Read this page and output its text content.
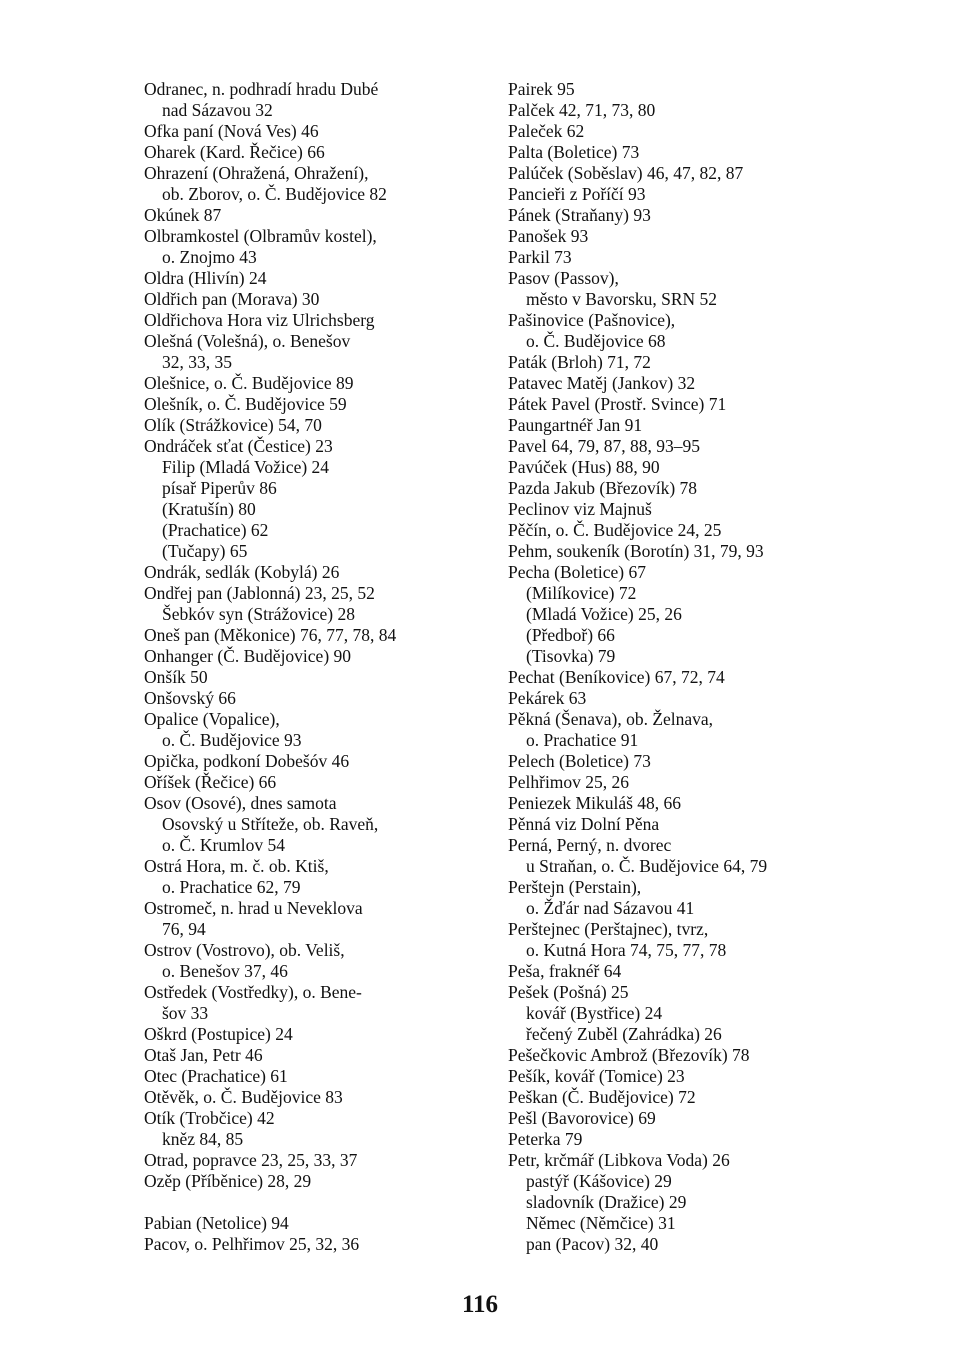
Odranec, n. podhradí hradu Dubé
nad Sázavou 32
Ofka paní (Nová Ves) 46
Oharek (Kard. Řečice) 66
Ohrazení (Ohražená, Ohražení),
ob. Zborov, o. Č. Budějovice 82
Okúnek 87
Olbramkostel (Olbramův kostel),
o. Znojmo 43
Oldra (Hlivín) 24
Oldřich pan (Morava) 30
Oldřichova Hora viz Ulrichsberg
Olešná (Volešná), o. Benešov
32, 33, 35
Olešnice, o. Č. Budějovice 89
Olešník, o. Č. Budějovice 59
Olík (Strážkovice) 54, 70
Ondráček sťat (Čestice) 23
Filip (Mladá Vožice) 24
písař Piperův 86
(Kratušín) 80
(Prachatice) 62
(Tučapy) 65
Ondrák, sedlák (Kobylá) 26
Ondřej pan (Jablonná) 23, 25, 52
Šebkóv syn (Strážovice) 28
Oneš pan (Měkonice) 76, 77, 78, 84
Onhanger (Č. Budějovice) 90
Onšík 50
Onšovský 66
Opalice (Vopalice),
o. Č. Budějovice 93
Opička, podkoní Dobešóv 46
Oříšek (Řečice) 66
Osov (Osové), dnes samota
Osovský u Stříteže, ob. Raveň,
o. Č. Krumlov 54
Ostrá Hora, m. č. ob. Ktiš,
o. Prachatice 62, 79
Ostromeč, n. hrad u Neveklova
76, 94
Ostrov (Vostrovo), ob. Veliš,
o. Benešov 37, 46
Ostředek (Vostředky), o. Bene-
šov 33
Oškrd (Postupice) 24
Otaš Jan, Petr 46
Otec (Prachatice) 61
Otěvěk, o. Č. Budějovice 83
Otík (Trobčice) 42
kněz 84, 85
Otrad, popravce 23, 25, 33, 37
Ozěp (Příběnice) 28, 29
Pabian (Netolice) 94
Pacov, o. Pelhřimov 25, 32, 36
Pairek 95
Palček 42, 71, 73, 80
Paleček 62
Palta (Boletice) 73
Palúček (Soběslav) 46, 47, 82, 87
Pancieři z Poříčí 93
Pánek (Straňany) 93
Panošek 93
Parkil 73
Pasov (Passov),
město v Bavorsku, SRN 52
Pašinovice (Pašnovice),
o. Č. Budějovice 68
Paták (Brloh) 71, 72
Patavec Matěj (Jankov) 32
Pátek Pavel (Prostř. Svince) 71
Paungartnéř Jan 91
Pavel 64, 79, 87, 88, 93–95
Pavúček (Hus) 88, 90
Pazda Jakub (Březovík) 78
Peclinov viz Majnuš
Pěčín, o. Č. Budějovice 24, 25
Pehm, soukeník (Borotín) 31, 79, 93
Pecha (Boletice) 67
(Milíkovice) 72
(Mladá Vožice) 25, 26
(Předboř) 66
(Tisovka) 79
Pechat (Beníkovice) 67, 72, 74
Pekárek 63
Pěkná (Šenava), ob. Želnava,
o. Prachatice 91
Pelech (Boletice) 73
Pelhřimov 25, 26
Peniezek Mikuláš 48, 66
Pěnná viz Dolní Pěna
Perná, Perný, n. dvorec
u Straňan, o. Č. Budějovice 64, 79
Perštejn (Perstain),
o. Žďár nad Sázavou 41
Perštejnec (Perštajnec), tvrz,
o. Kutná Hora 74, 75, 77, 78
Peša, fraknéř 64
Pešek (Pošná) 25
kovář (Bystřice) 24
řečený Zuběl (Zahrádka) 26
Pešečkovic Ambrož (Březovík) 78
Pešík, kovář (Tomice) 23
Peškan (Č. Budějovice) 72
Pešl (Bavorovice) 69
Peterka 79
Petr, krčmář (Libkova Voda) 26
pastýř (Kášovice) 29
sladovník (Dražice) 29
Němec (Němčice) 31
pan (Pacov) 32, 40
116
